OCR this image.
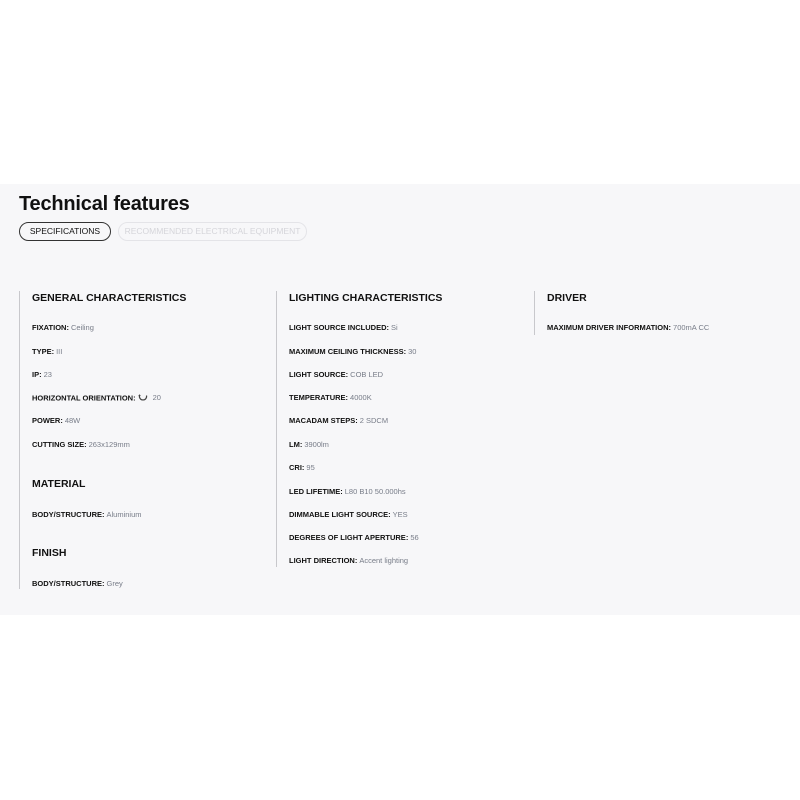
Technical features
SPECIFICATIONS	RECOMMENDED ELECTRICAL EQUIPMENT
GENERAL CHARACTERISTICS
FIXATION: Ceiling
TYPE: III
IP: 23
HORIZONTAL ORIENTATION: 20
POWER: 48W
CUTTING SIZE: 263x129mm
MATERIAL
BODY/STRUCTURE: Aluminium
FINISH
BODY/STRUCTURE: Grey
LIGHTING CHARACTERISTICS
LIGHT SOURCE INCLUDED: Si
MAXIMUM CEILING THICKNESS: 30
LIGHT SOURCE: COB LED
TEMPERATURE: 4000K
MACADAM STEPS: 2 SDCM
LM: 3900lm
CRI: 95
LED LIFETIME: L80 B10 50.000hs
DIMMABLE LIGHT SOURCE: YES
DEGREES OF LIGHT APERTURE: 56
LIGHT DIRECTION: Accent lighting
DRIVER
MAXIMUM DRIVER INFORMATION: 700mA CC
